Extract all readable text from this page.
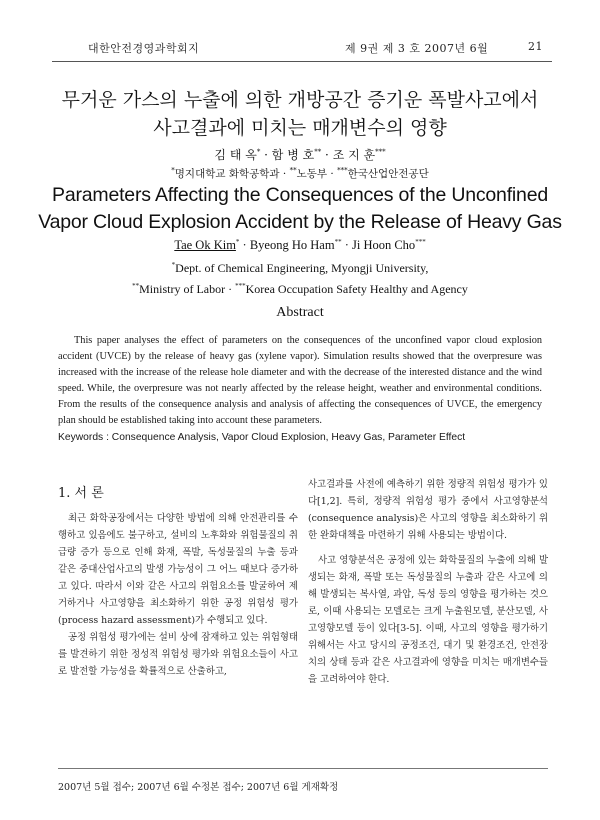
대한안전경영과학회지	제 9권 제 3 호 2007년 6월	21
무거운 가스의 누출에 의한 개방공간 증기운 폭발사고에서
사고결과에 미치는 매개변수의 영향
김 태 옥* · 함 병 호** · 조 지 훈***
*명지대학교 화학공학과 · **노동부 · ***한국산업안전공단
Parameters Affecting the Consequences of the Unconfined
Vapor Cloud Explosion Accident by the Release of Heavy Gas
Tae Ok Kim* · Byeong Ho Ham** · Ji Hoon Cho***
*Dept. of Chemical Engineering, Myongji University,
**Ministry of Labor · ***Korea Occupation Safety Healthy and Agency
Abstract

This paper analyses the effect of parameters on the consequences of the unconfined vapor cloud explosion accident (UVCE) by the release of heavy gas (xylene vapor). Simulation results showed that the overpresure was increased with the increase of the release hole diameter and with the decrease of the interested distance and the wind speed. While, the overpresure was not nearly affected by the release height, weather and environmental conditions. From the results of the consequence analysis and analysis of affecting the consequences of UVCE, the emergency plan should be established taking into account these parameters.

Keywords : Consequence Analysis, Vapor Cloud Explosion, Heavy Gas, Parameter Effect
1. 서 론

최근 화학공장에서는 다양한 방법에 의해 안전관리를 수행하고 있음에도 불구하고, 설비의 노후화와 위험물질의 취급량 증가 등으로 인해 화재, 폭발, 독성물질의 누출 등과 같은 중대산업사고의 발생 가능성이 그 어느 때보다 증가하고 있다. 따라서 이와 같은 사고의 위험요소를 발굴하여 제거하거나 사고영향을 최소화하기 위한 공정 위험성 평가(process hazard assessment)가 수행되고 있다.

공정 위험성 평가에는 설비 상에 잠재하고 있는 위험형태를 발견하기 위한 정성적 위험성 평가와 위험요소들이 사고로 발전할 가능성을 확률적으로 산출하고,

사고결과를 사전에 예측하기 위한 정량적 위험성 평가가 있다[1,2]. 특히, 정량적 위험성 평가 중에서 사고영향분석(consequence analysis)은 사고의 영향을 최소화하기 위한 완화대책을 마련하기 위해 사용되는 방법이다.

사고 영향분석은 공정에 있는 화학물질의 누출에 의해 발생되는 화재, 폭발 또는 독성물질의 누출과 같은 사고에 의해 발생되는 복사열, 과압, 독성 등의 영향을 평가하는 것으로, 이때 사용되는 모델로는 크게 누출원모델, 분산모델, 사고영향모델 등이 있다[3-5]. 이때, 사고의 영향을 평가하기 위해서는 사고 당시의 공정조건, 대기 및 환경조건, 안전장치의 상태 등과 같은 사고결과에 영향을 미치는 매개변수들을 고려하여야 한다.

2007년 5월 접수; 2007년 6월 수정본 접수; 2007년 6월 게재확정
